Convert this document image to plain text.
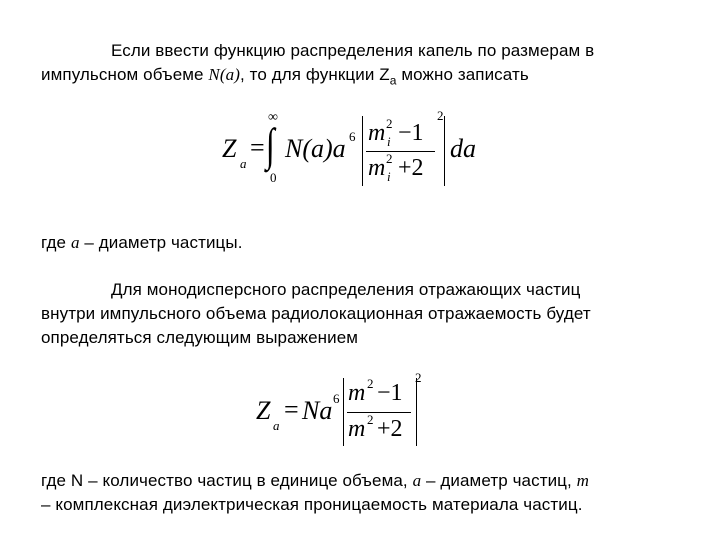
Если ввести функцию распределения капель по размерам в
импульсном объеме N(a), то для функции $Z_a$ можно записать
Z
a
= ∫
∞
0
N(a)a 6
2
m 2
i −1
m 2
i +2
da
где a – диаметр частицы.
Для монодисперсного распределения отражающих частиц
внутри импульсного объема радиолокационная отражаемость будет
определяться следующим выражением
Z
a
= Na 6
2
m 2 −1
m 2 +2
где N – количество частиц в единице объема, a – диаметр частиц, m
– комплексная диэлектрическая проницаемость материала частиц.
